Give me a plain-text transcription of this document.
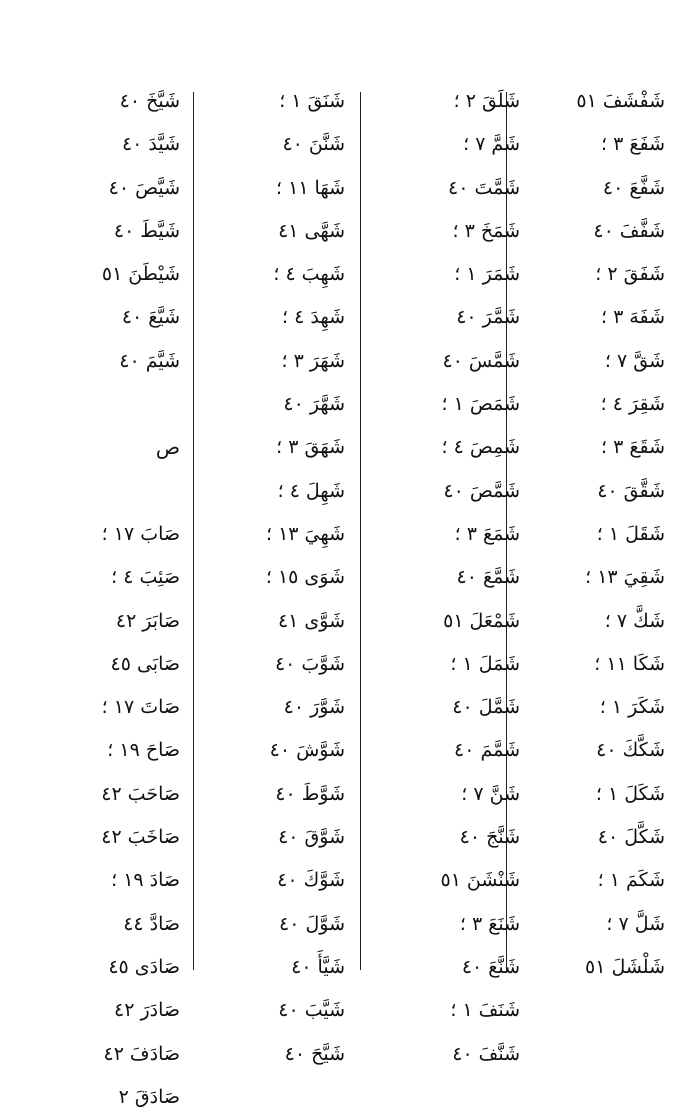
شَفْشَفَ٥١
شَفَعَ٣ ؛
شَفَّعَ٤٠
شَفَّفَ٤٠
شَفَقَ٢ ؛
شَفَهَ٣ ؛
شَقَّ٧ ؛
شَقِرَ٤ ؛
شَقَعَ٣ ؛
شَقَّقَ٤٠
شَقَلَ١ ؛
شَقِيَ١٣ ؛
شَكَّ٧ ؛
شَكَا١١ ؛
شَكَرَ١ ؛
شَكَّكَ٤٠
شَكَلَ١ ؛
شَكَّلَ٤٠
شَكَمَ١ ؛
شَلَّ٧ ؛
شَلْشَلَ٥١
شَلَقَ٢ ؛
شَمَّ٧ ؛
شَمَّتَ٤٠
شَمَخَ٣ ؛
شَمَرَ١ ؛
شَمَّرَ٤٠
شَمَّسَ٤٠
شَمَصَ١ ؛
شَمِصَ٤ ؛
شَمَّصَ٤٠
شَمَعَ٣ ؛
شَمَّعَ٤٠
شَمْعَلَ٥١
شَمَلَ١ ؛
شَمَّلَ٤٠
شَمَّمَ٤٠
شَنَّ٧ ؛
شَنَّجَ٤٠
شَنْشَنَ٥١
شَنَعَ٣ ؛
شَنَّعَ٤٠
شَنَفَ١ ؛
شَنَّفَ٤٠
شَنَقَ١ ؛
شَنَّنَ٤٠
شَهَا١١ ؛
شَهَّى٤١
شَهِبَ٤ ؛
شَهِدَ٤ ؛
شَهَرَ٣ ؛
شَهَّرَ٤٠
شَهَقَ٣ ؛
شَهِلَ٤ ؛
شَهِيَ١٣ ؛
شَوَى١٥ ؛
شَوَّى٤١
شَوَّبَ٤٠
شَوَّرَ٤٠
شَوَّشَ٤٠
شَوَّطَ٤٠
شَوَّقَ٤٠
شَوَّكَ٤٠
شَوَّلَ٤٠
شَيَّأَ٤٠
شَيَّبَ٤٠
شَيَّحَ٤٠
شَيَّخَ٤٠
شَيَّدَ٤٠
شَيَّصَ٤٠
شَيَّطَ٤٠
شَيْطَنَ٥١
شَيَّعَ٤٠
شَيَّمَ٤٠
ص
صَابَ١٧ ؛
صَئِبَ٤ ؛
صَابَرَ٤٢
صَابَى٤٥
صَاتَ١٧ ؛
صَاحَ١٩ ؛
صَاحَبَ٤٢
صَاخَبَ٤٢
صَادَ١٩ ؛
صَادَّ٤٤
صَادَى٤٥
صَادَرَ٤٢
صَادَفَ٤٢
صَادَقَ٢
